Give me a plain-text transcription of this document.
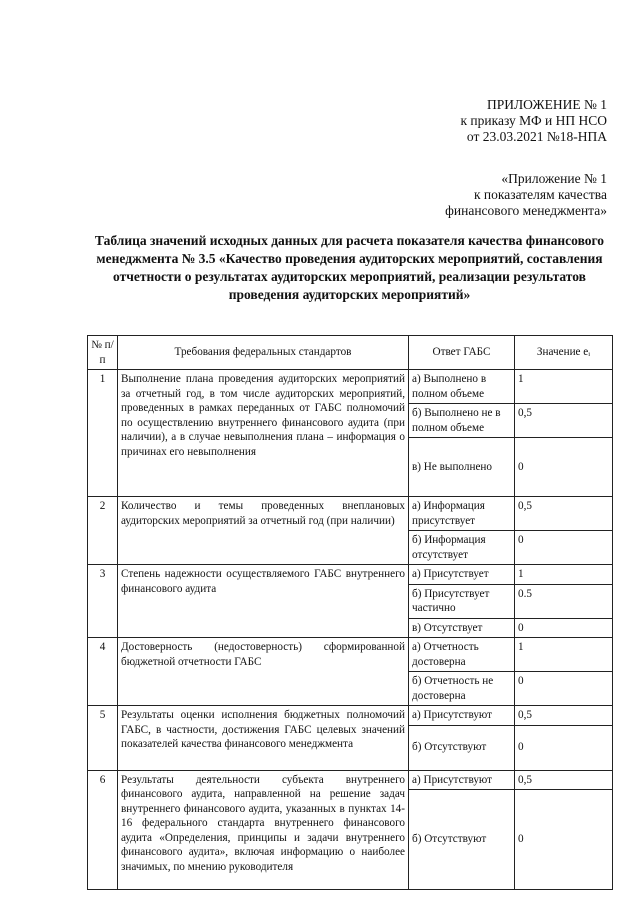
ПРИЛОЖЕНИЕ № 1
к приказу МФ и НП НСО
от 23.03.2021 №18-НПА
«Приложение № 1
к показателям качества
финансового менеджмента»
Таблица значений исходных данных для расчета показателя качества финансового менеджмента № 3.5 «Качество проведения аудиторских мероприятий, составления отчетности о результатах аудиторских мероприятий, реализации результатов проведения аудиторских мероприятий»
№ п/п	Требования федеральных стандартов	Ответ ГАБС	Значение eᵢ
1	Выполнение плана проведения аудиторских мероприятий за отчетный год, в том числе аудиторских мероприятий, проведенных в рамках переданных от ГАБС полномочий по осуществлению внутреннего финансового аудита (при наличии), а в случае невыполнения плана – информация о причинах его невыполнения	а) Выполнено в полном объеме	1
		б) Выполнено не в полном объеме	0,5
		в) Не выполнено	0
2	Количество и темы проведенных внеплановых аудиторских мероприятий за отчетный год (при наличии)	а) Информация присутствует	0,5
		б) Информация отсутствует	0
3	Степень надежности осуществляемого ГАБС внутреннего финансового аудита	а) Присутствует	1
		б) Присутствует частично	0.5
		в) Отсутствует	0
4	Достоверность (недостоверность) сформированной бюджетной отчетности ГАБС	а) Отчетность достоверна	1
		б) Отчетность не достоверна	0
5	Результаты оценки исполнения бюджетных полномочий ГАБС, в частности, достижения ГАБС целевых значений показателей качества финансового менеджмента	а) Присутствуют	0,5
		б) Отсутствуют	0
6	Результаты деятельности субъекта внутреннего финансового аудита, направленной на решение задач внутреннего финансового аудита, указанных в пунктах 14-16 федерального стандарта внутреннего финансового аудита «Определения, принципы и задачи внутреннего финансового аудита», включая информацию о наиболее значимых, по мнению руководителя	а) Присутствуют	0,5
		б) Отсутствуют	0
